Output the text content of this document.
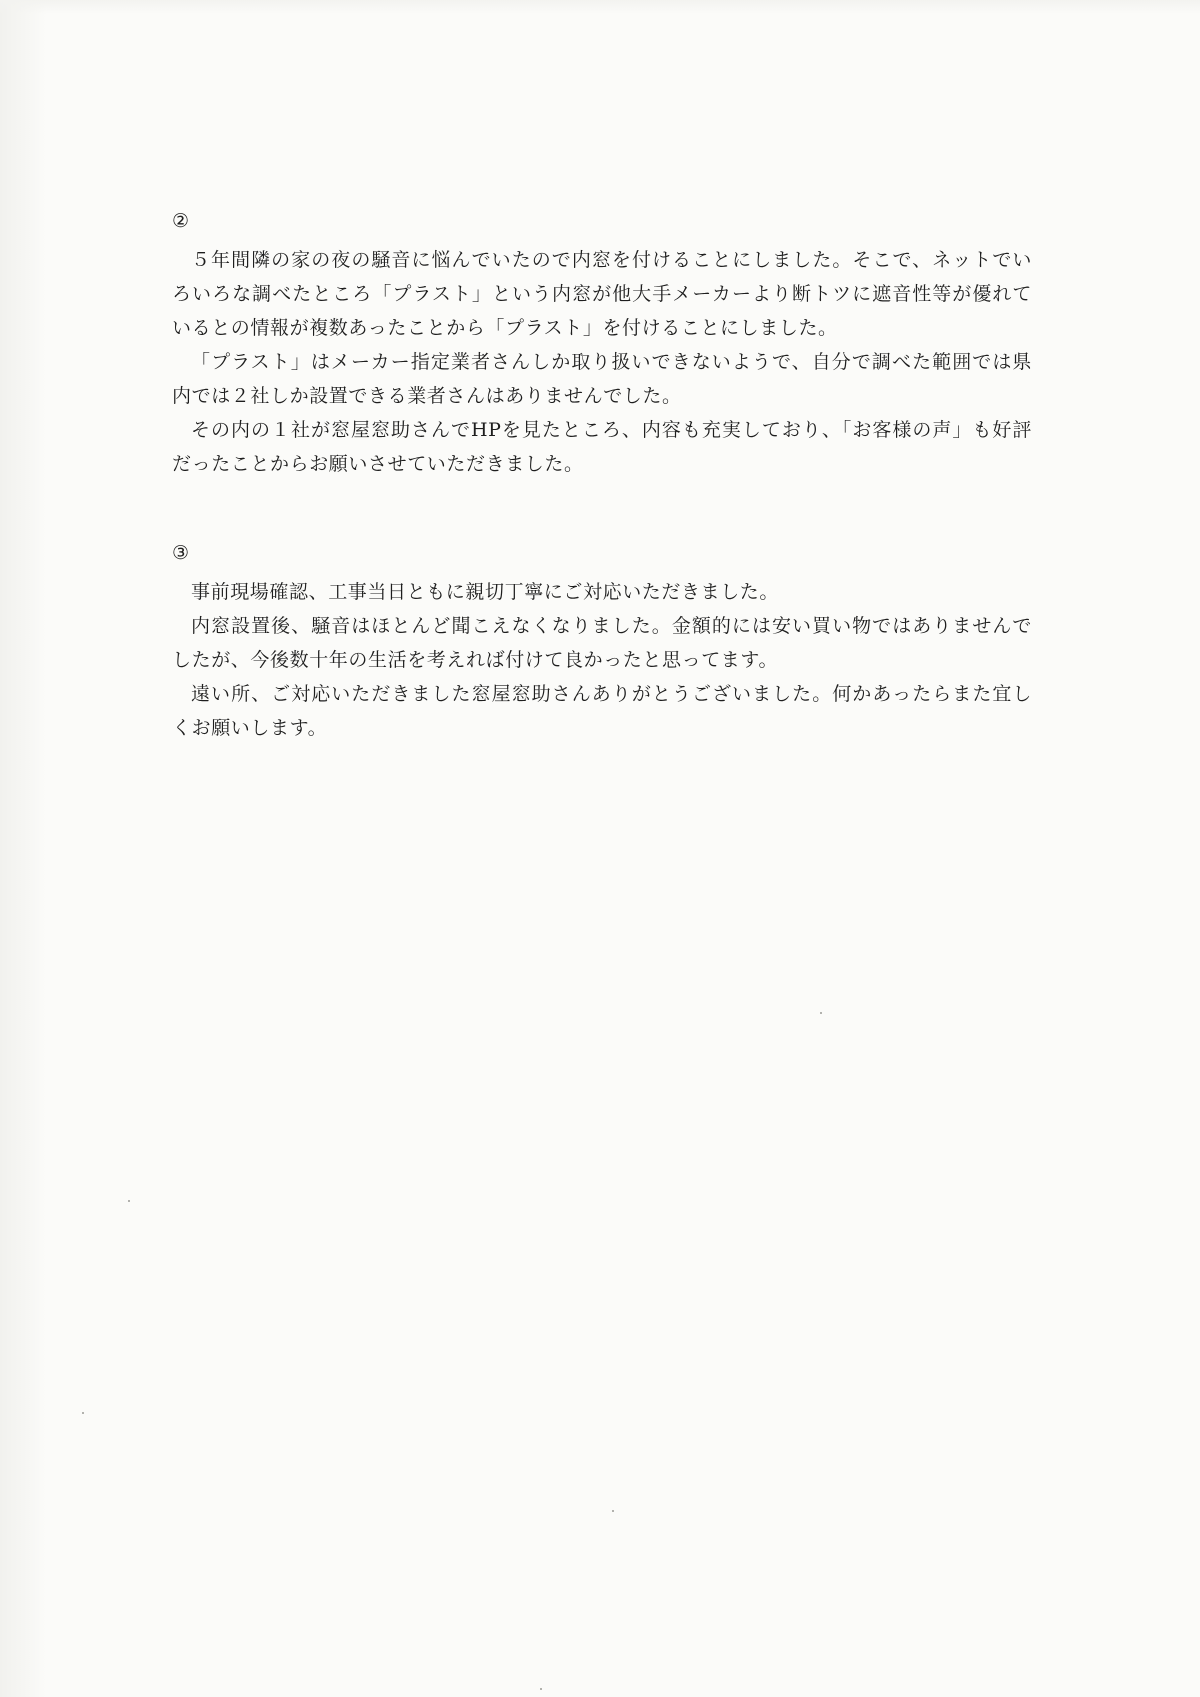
②

５年間隣の家の夜の騒音に悩んでいたので内窓を付けることにしました。そこで、ネットでいろいろな調べたところ「プラスト」という内窓が他大手メーカーより断トツに遮音性等が優れているとの情報が複数あったことから「プラスト」を付けることにしました。

「プラスト」はメーカー指定業者さんしか取り扱いできないようで、自分で調べた範囲では県内では２社しか設置できる業者さんはありませんでした。

その内の１社が窓屋窓助さんでHPを見たところ、内容も充実しており、「お客様の声」も好評だったことからお願いさせていただきました。

③

事前現場確認、工事当日ともに親切丁寧にご対応いただきました。

内窓設置後、騒音はほとんど聞こえなくなりました。金額的には安い買い物ではありませんでしたが、今後数十年の生活を考えれば付けて良かったと思ってます。

遠い所、ご対応いただきました窓屋窓助さんありがとうございました。何かあったらまた宜しくお願いします。
